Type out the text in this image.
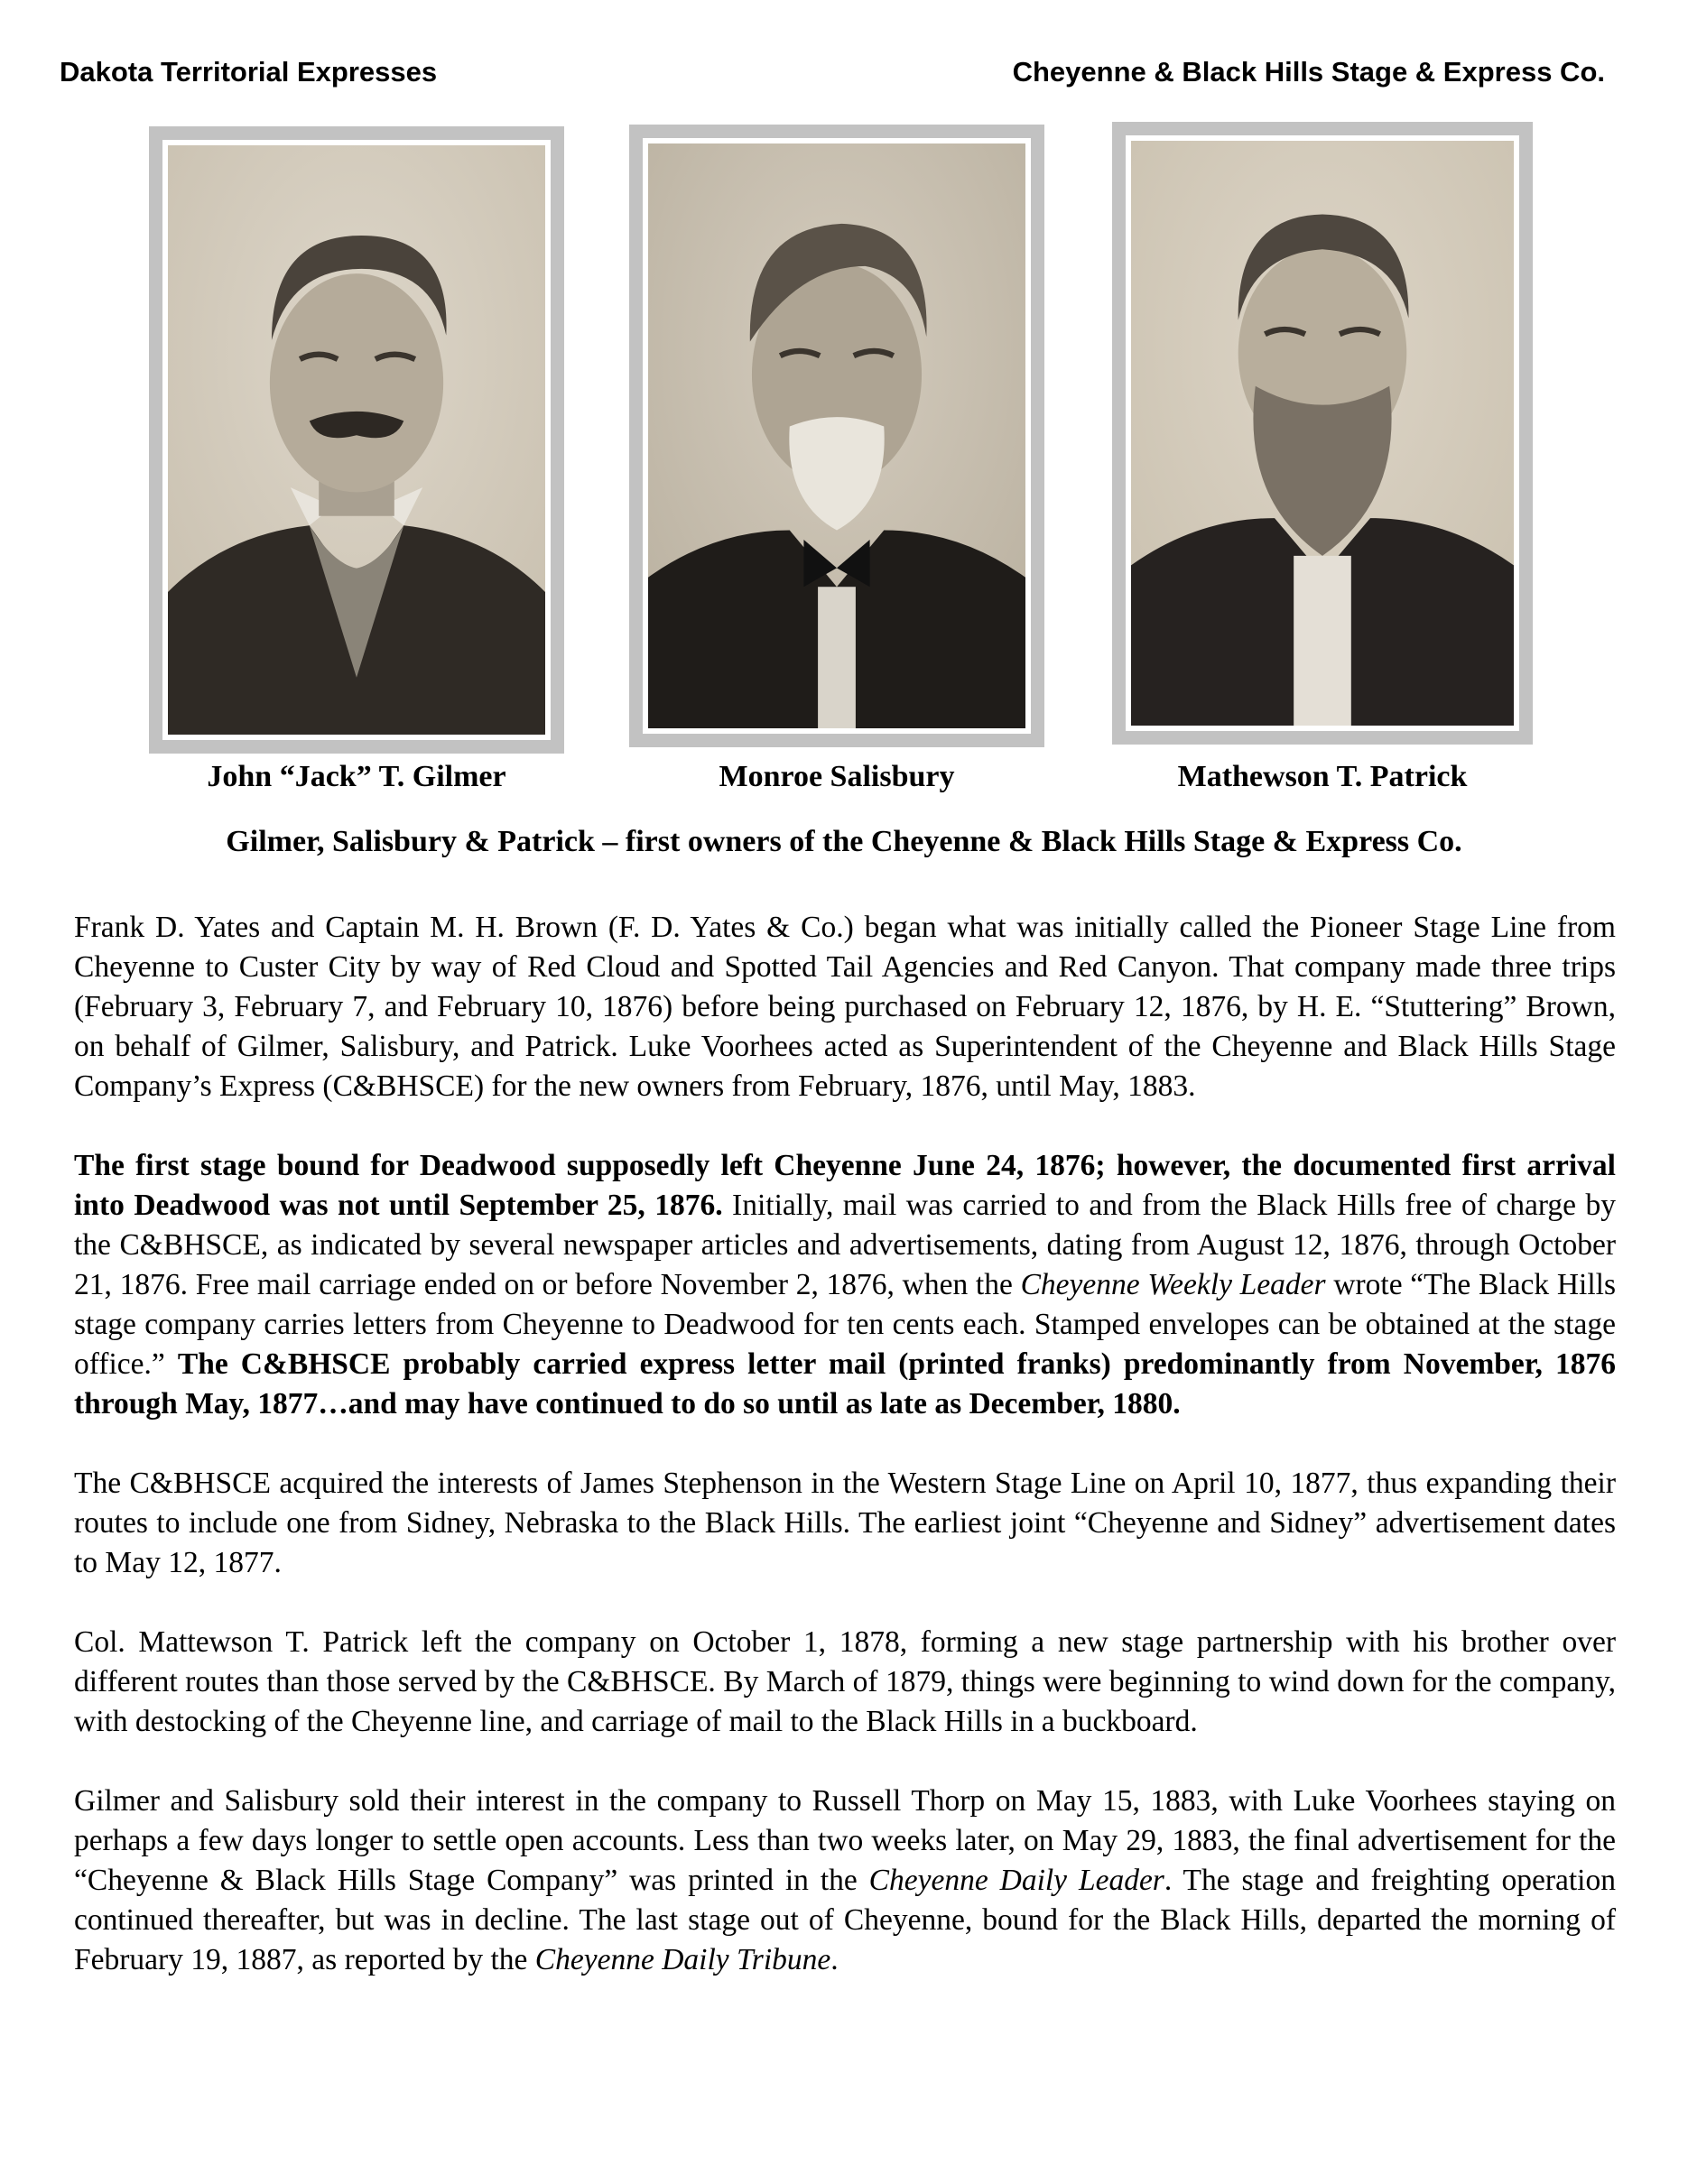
Dakota Territorial Expresses	Cheyenne & Black Hills Stage & Express Co.
John “Jack” T. Gilmer	Monroe Salisbury	Mathewson T. Patrick
Gilmer, Salisbury & Patrick – first owners of the Cheyenne & Black Hills Stage & Express Co.

Frank D. Yates and Captain M. H. Brown (F. D. Yates & Co.) began what was initially called the Pioneer Stage Line from Cheyenne to Custer City by way of Red Cloud and Spotted Tail Agencies and Red Canyon. That company made three trips (February 3, February 7, and February 10, 1876) before being purchased on February 12, 1876, by H. E. “Stuttering” Brown, on behalf of Gilmer, Salisbury, and Patrick. Luke Voorhees acted as Superintendent of the Cheyenne and Black Hills Stage Company’s Express (C&BHSCE) for the new owners from February, 1876, until May, 1883.

The first stage bound for Deadwood supposedly left Cheyenne June 24, 1876; however, the documented first arrival into Deadwood was not until September 25, 1876. Initially, mail was carried to and from the Black Hills free of charge by the C&BHSCE, as indicated by several newspaper articles and advertisements, dating from August 12, 1876, through October 21, 1876. Free mail carriage ended on or before November 2, 1876, when the Cheyenne Weekly Leader wrote “The Black Hills stage company carries letters from Cheyenne to Deadwood for ten cents each. Stamped envelopes can be obtained at the stage office.” The C&BHSCE probably carried express letter mail (printed franks) predominantly from November, 1876 through May, 1877…and may have continued to do so until as late as December, 1880.

The C&BHSCE acquired the interests of James Stephenson in the Western Stage Line on April 10, 1877, thus expanding their routes to include one from Sidney, Nebraska to the Black Hills. The earliest joint “Cheyenne and Sidney” advertisement dates to May 12, 1877.

Col. Mattewson T. Patrick left the company on October 1, 1878, forming a new stage partnership with his brother over different routes than those served by the C&BHSCE. By March of 1879, things were beginning to wind down for the company, with destocking of the Cheyenne line, and carriage of mail to the Black Hills in a buckboard.

Gilmer and Salisbury sold their interest in the company to Russell Thorp on May 15, 1883, with Luke Voorhees staying on perhaps a few days longer to settle open accounts. Less than two weeks later, on May 29, 1883, the final advertisement for the “Cheyenne & Black Hills Stage Company” was printed in the Cheyenne Daily Leader. The stage and freighting operation continued thereafter, but was in decline. The last stage out of Cheyenne, bound for the Black Hills, departed the morning of February 19, 1887, as reported by the Cheyenne Daily Tribune.
